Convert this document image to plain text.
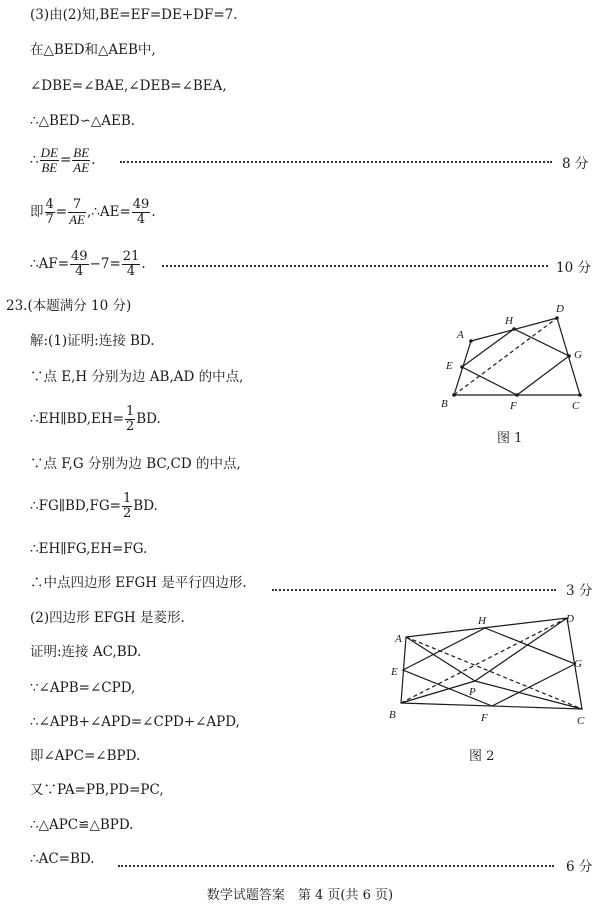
(3)由(2)知,BE=EF=DE+DF=7.
在△BED和△AEB中,
∠DBE=∠BAE,∠DEB=∠BEA,
∴△BED∽△AEB.
∴ $\frac{DE}{BE} = \frac{BE}{AE}$ .	8 分
即 $\frac{4}{7} = \frac{7}{AE}$ ,∴AE= $\frac{49}{4}$ .
∴AF= $\frac{49}{4} -7= \frac{21}{4}$ .	10 分
23.(本题满分 10 分)
解:(1)证明:连接 BD.
∵点 E,H 分别为边 AB,AD 的中点,
∴EH∥BD,EH= $\frac{1}{2}$ BD.
∵点 F,G 分别为边 BC,CD 的中点,
∴FG∥BD,FG= $\frac{1}{2}$ BD.
∴EH∥FG,EH=FG.
∴中点四边形 EFGH 是平行四边形.	3 分
(2)四边形 EFGH 是菱形.
证明:连接 AC,BD.
∵∠APB=∠CPD,
∴∠APB+∠APD=∠CPD+∠APD,
即∠APC=∠BPD.
又∵PA=PB,PD=PC,
∴△APC≌△BPD.
∴AC=BD.	6 分
A
D
H
E
G
B	F	C
图 1
A
D
H
E
G
P
B	F	C
图 2
数学试题答案　第 4 页(共 6 页)
